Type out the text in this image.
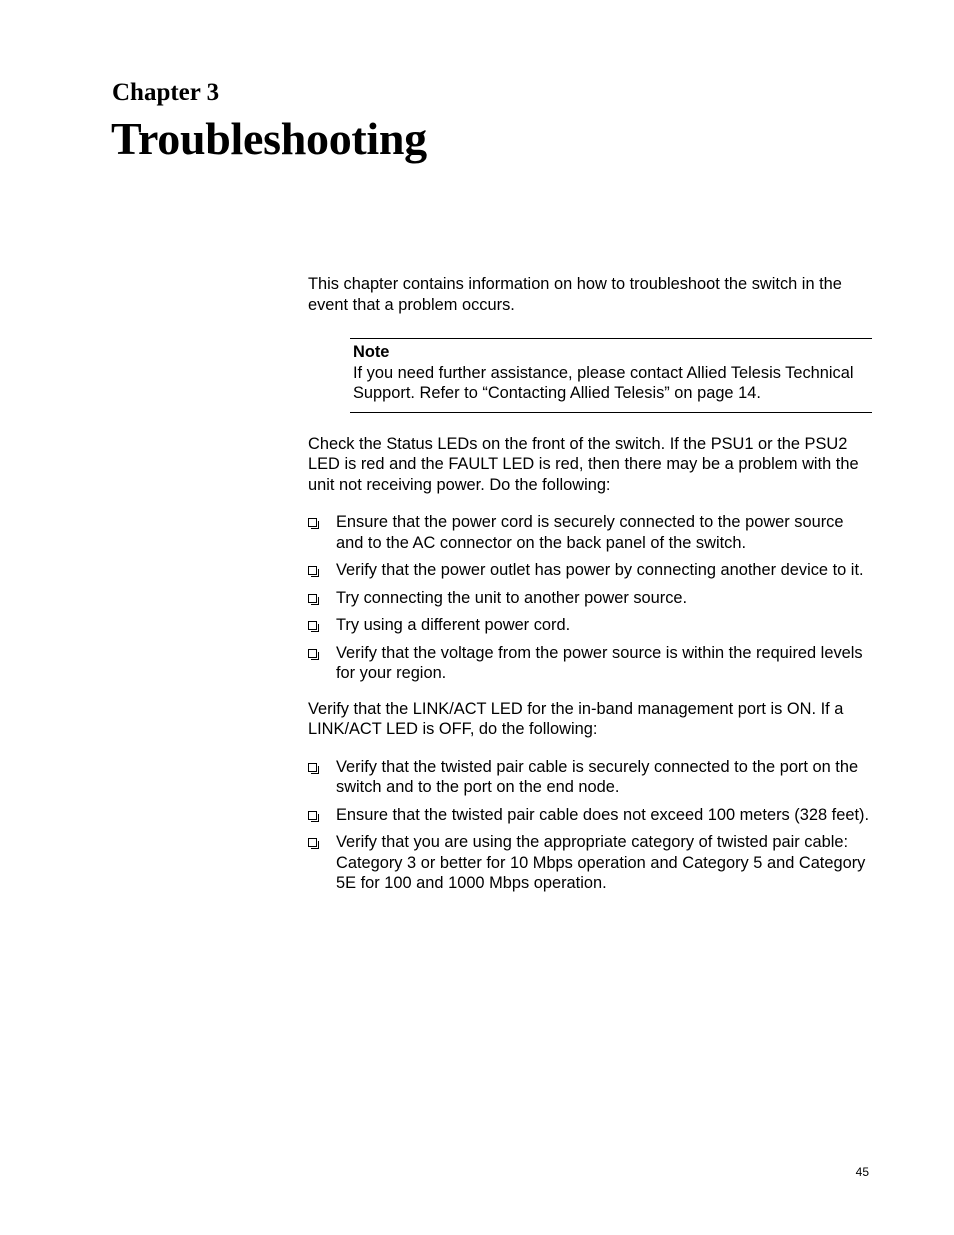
Chapter 3
Troubleshooting

This chapter contains information on how to troubleshoot the switch in the event that a problem occurs.

Note
If you need further assistance, please contact Allied Telesis Technical Support. Refer to “Contacting Allied Telesis” on page 14.

Check the Status LEDs on the front of the switch. If the PSU1 or the PSU2 LED is red and the FAULT LED is red, then there may be a problem with the unit not receiving power. Do the following:

Ensure that the power cord is securely connected to the power source and to the AC connector on the back panel of the switch.
Verify that the power outlet has power by connecting another device to it.
Try connecting the unit to another power source.
Try using a different power cord.
Verify that the voltage from the power source is within the required levels for your region.

Verify that the LINK/ACT LED for the in-band management port is ON. If a LINK/ACT LED is OFF, do the following:

Verify that the twisted pair cable is securely connected to the port on the switch and to the port on the end node.
Ensure that the twisted pair cable does not exceed 100 meters (328 feet).
Verify that you are using the appropriate category of twisted pair cable: Category 3 or better for 10 Mbps operation and Category 5 and Category 5E for 100 and 1000 Mbps operation.
45
